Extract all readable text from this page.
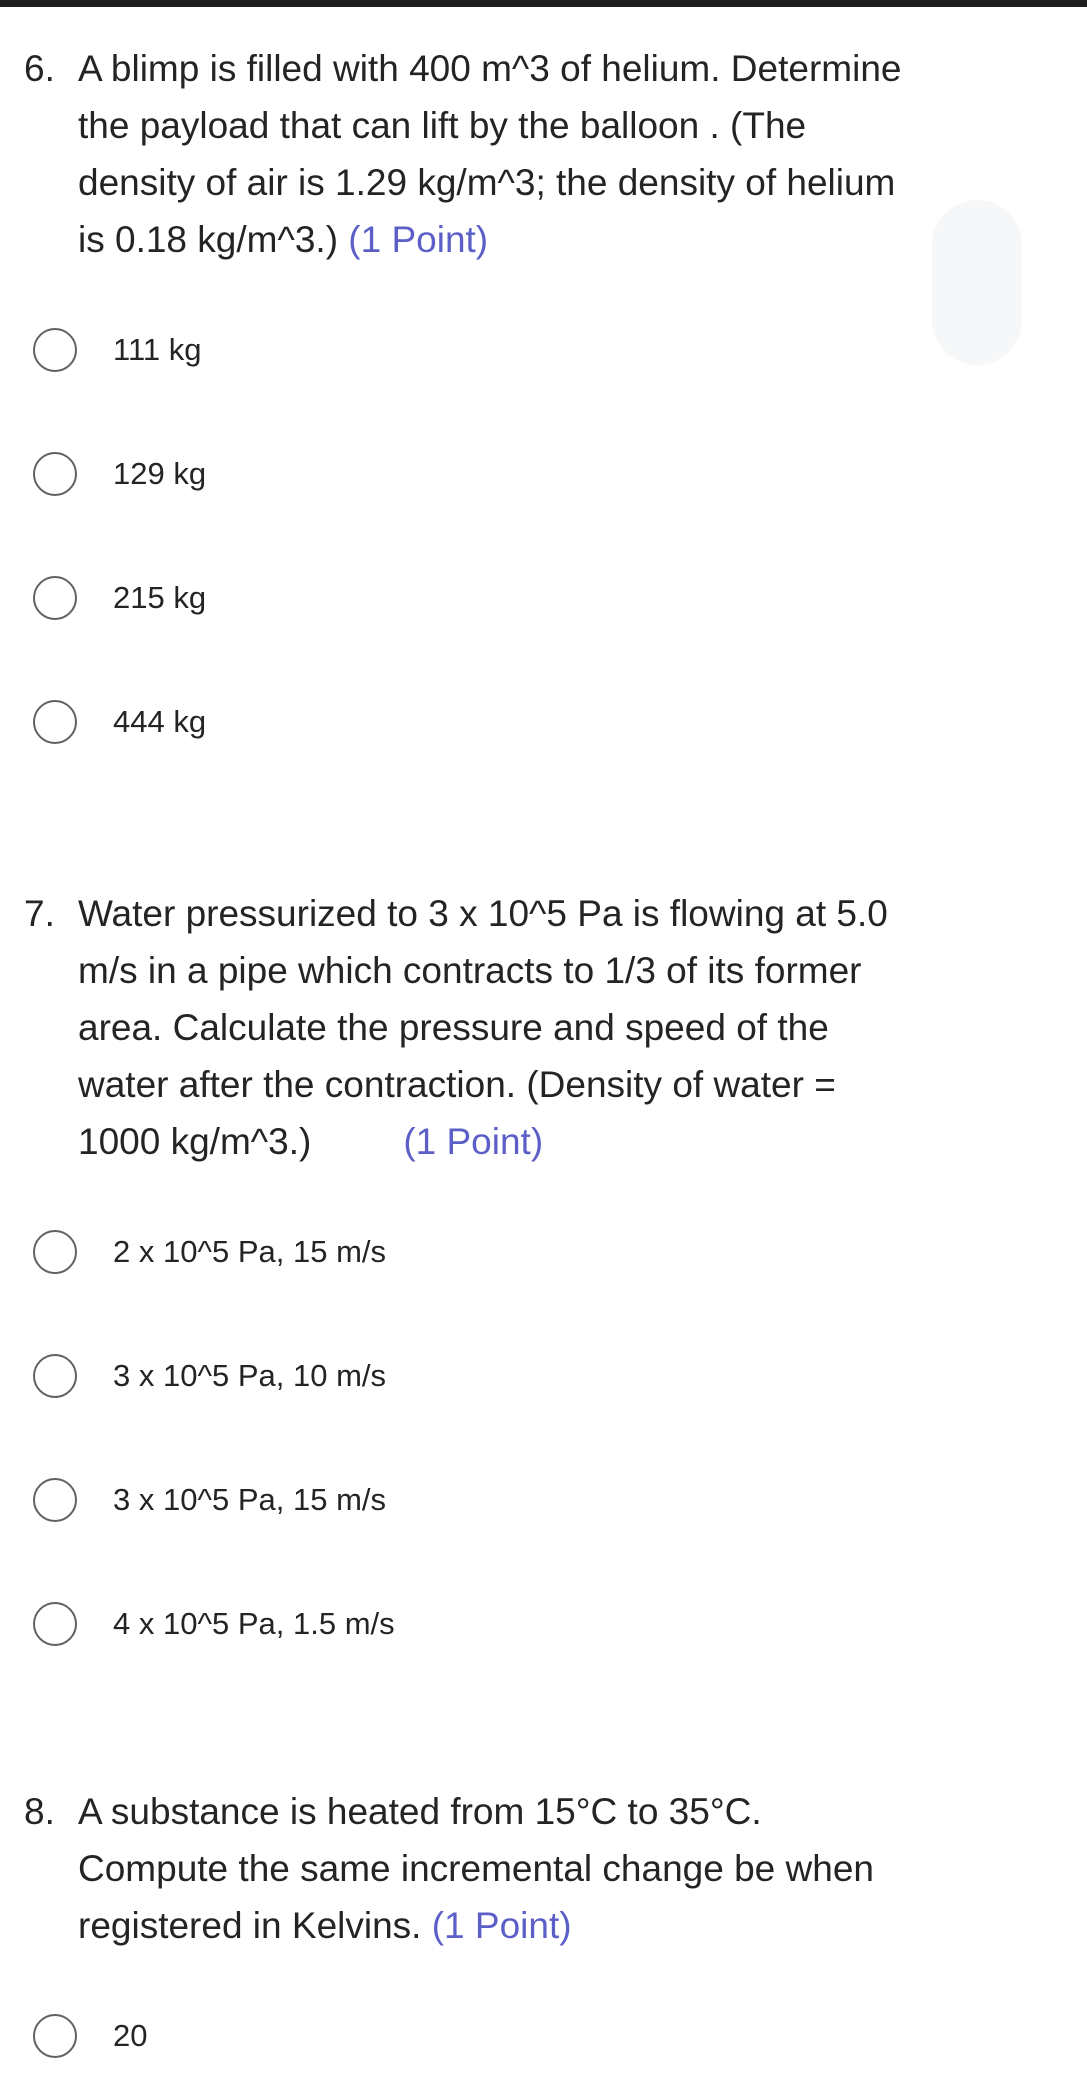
6. A blimp is filled with 400 m^3 of helium. Determine
the payload that can lift by the balloon . (The
density of air is 1.29 kg/m^3; the density of helium
is 0.18 kg/m^3.) (1 Point)

111 kg
129 kg
215 kg
444 kg

7. Water pressurized to 3 x 10^5 Pa is flowing at 5.0
m/s in a pipe which contracts to 1/3 of its former
area. Calculate the pressure and speed of the
water after the contraction. (Density of water =
1000 kg/m^3.) (1 Point)

2 x 10^5 Pa, 15 m/s
3 x 10^5 Pa, 10 m/s
3 x 10^5 Pa, 15 m/s
4 x 10^5 Pa, 1.5 m/s

8. A substance is heated from 15°C to 35°C.
Compute the same incremental change be when
registered in Kelvins. (1 Point)

20
